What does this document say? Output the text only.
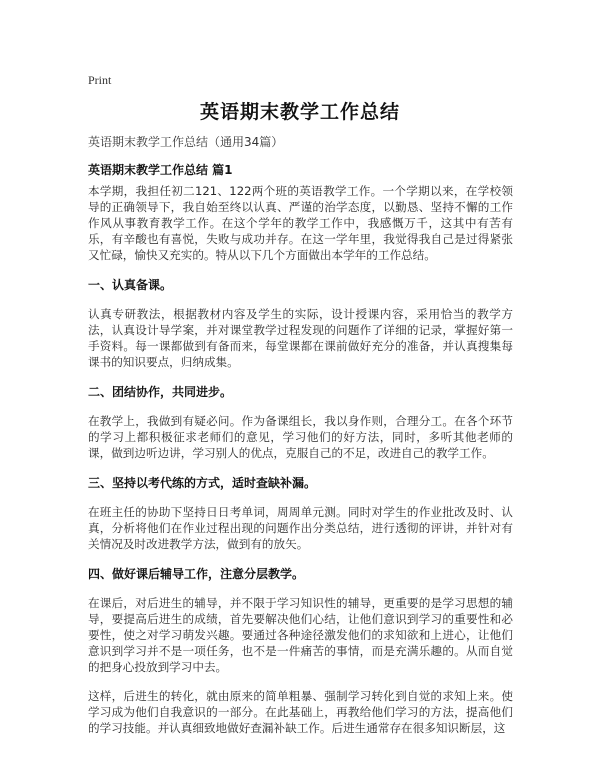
Print
英语期末教学工作总结
英语期末教学工作总结（通用34篇）
英语期末教学工作总结 篇1

本学期，我担任初二121、122两个班的英语教学工作。一个学期以来，在学校领导的正确领导下，我自始至终以认真、严谨的治学态度，以勤恳、坚持不懈的工作作风从事教育教学工作。在这个学年的教学工作中，我感慨万千，这其中有苦有乐，有辛酸也有喜悦，失败与成功并存。在这一学年里，我觉得我自己是过得紧张又忙碌，愉快又充实的。特从以下几个方面做出本学年的工作总结。

一、认真备课。

认真专研教法，根据教材内容及学生的实际，设计授课内容，采用恰当的教学方法，认真设计导学案，并对课堂教学过程发现的问题作了详细的记录，掌握好第一手资料。每一课都做到有备而来，每堂课都在课前做好充分的准备，并认真搜集每课书的知识要点，归纳成集。

二、团结协作，共同进步。

在教学上，我做到有疑必问。作为备课组长，我以身作则，合理分工。在各个环节的学习上都积极征求老师们的意见，学习他们的好方法，同时，多听其他老师的课，做到边听边讲，学习别人的优点，克服自己的不足，改进自己的教学工作。

三、坚持以考代练的方式，适时查缺补漏。

在班主任的协助下坚持日日考单词，周周单元测。同时对学生的作业批改及时、认真，分析将他们在作业过程出现的问题作出分类总结，进行透彻的评讲，并针对有关情况及时改进教学方法，做到有的放矢。

四、做好课后辅导工作，注意分层教学。

在课后，对后进生的辅导，并不限于学习知识性的辅导，更重要的是学习思想的辅导，要提高后进生的成绩，首先要解决他们心结，让他们意识到学习的重要性和必要性，使之对学习萌发兴趣。要通过各种途径激发他们的求知欲和上进心，让他们意识到学习并不是一项任务，也不是一件痛苦的事情，而是充满乐趣的。从而自觉的把身心投放到学习中去。

这样，后进生的转化，就由原来的简单粗暴、强制学习转化到自觉的求知上来。使学习成为他们自我意识的一部分。在此基础上，再教给他们学习的方法，提高他们的学习技能。并认真细致地做好查漏补缺工作。后进生通常存在很多知识断层，这
